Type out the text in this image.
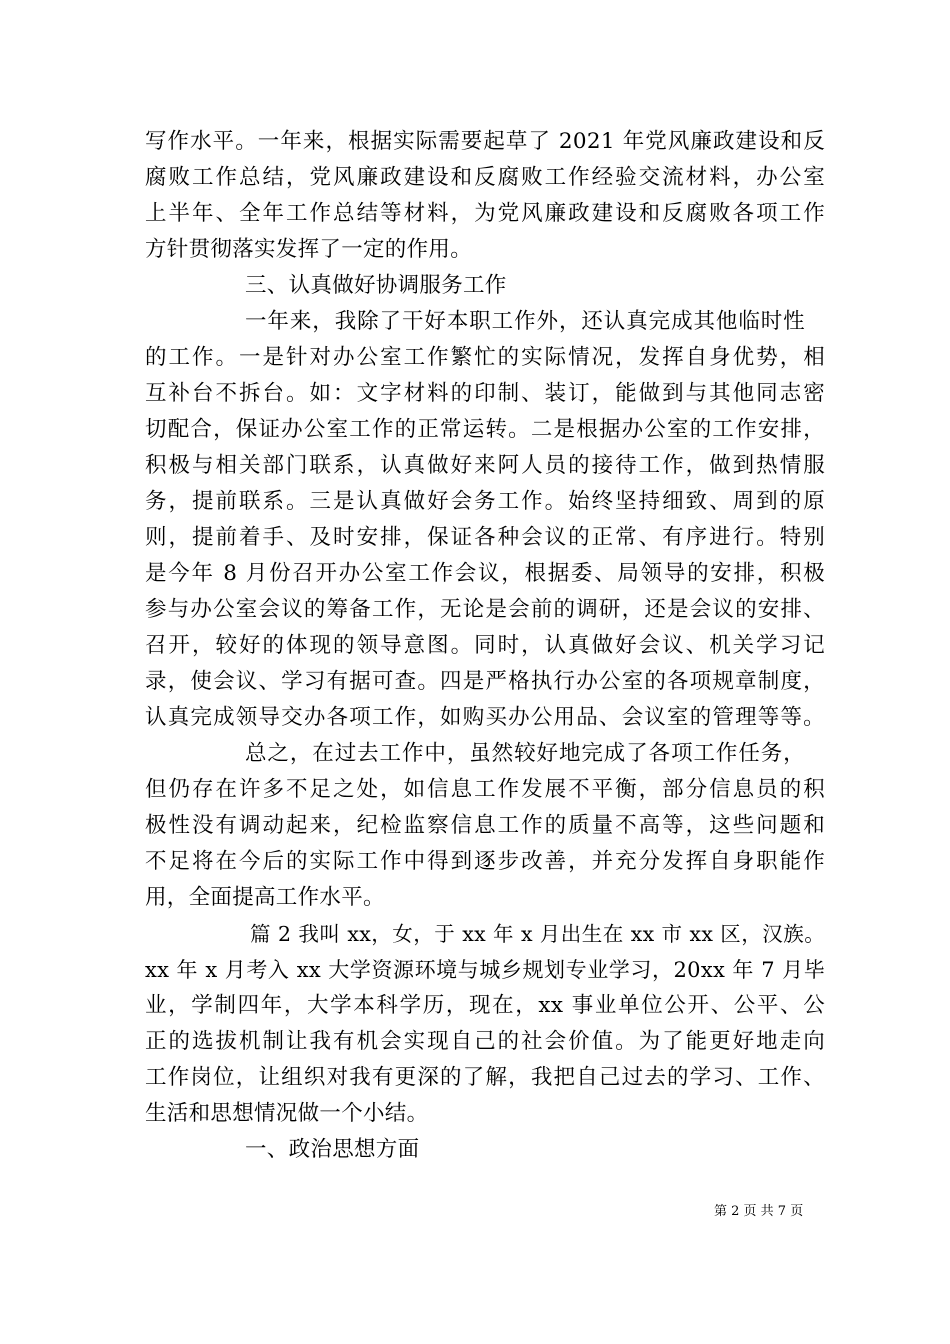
写作水平。一年来，根据实际需要起草了 2021 年党风廉政建设和反
腐败工作总结，党风廉政建设和反腐败工作经验交流材料，办公室
上半年、全年工作总结等材料，为党风廉政建设和反腐败各项工作
方针贯彻落实发挥了一定的作用。
三、认真做好协调服务工作
一年来，我除了干好本职工作外，还认真完成其他临时性
的工作。一是针对办公室工作繁忙的实际情况，发挥自身优势，相
互补台不拆台。如：文字材料的印制、装订，能做到与其他同志密
切配合，保证办公室工作的正常运转。二是根据办公室的工作安排，
积极与相关部门联系，认真做好来阿人员的接待工作，做到热情服
务，提前联系。三是认真做好会务工作。始终坚持细致、周到的原
则，提前着手、及时安排，保证各种会议的正常、有序进行。特别
是今年 8 月份召开办公室工作会议，根据委、局领导的安排，积极
参与办公室会议的筹备工作，无论是会前的调研，还是会议的安排、
召开，较好的体现的领导意图。同时，认真做好会议、机关学习记
录，使会议、学习有据可查。四是严格执行办公室的各项规章制度，
认真完成领导交办各项工作，如购买办公用品、会议室的管理等等。
总之，在过去工作中，虽然较好地完成了各项工作任务，
但仍存在许多不足之处，如信息工作发展不平衡，部分信息员的积
极性没有调动起来，纪检监察信息工作的质量不高等，这些问题和
不足将在今后的实际工作中得到逐步改善，并充分发挥自身职能作
用，全面提高工作水平。
篇 2 我叫 xx，女，于 xx 年 x 月出生在 xx 市 xx 区，汉族。
xx 年 x 月考入 xx 大学资源环境与城乡规划专业学习，20xx 年 7 月毕
业，学制四年，大学本科学历，现在，xx 事业单位公开、公平、公
正的选拔机制让我有机会实现自己的社会价值。为了能更好地走向
工作岗位，让组织对我有更深的了解，我把自己过去的学习、工作、
生活和思想情况做一个小结。
一、政治思想方面
第 2 页 共 7 页
